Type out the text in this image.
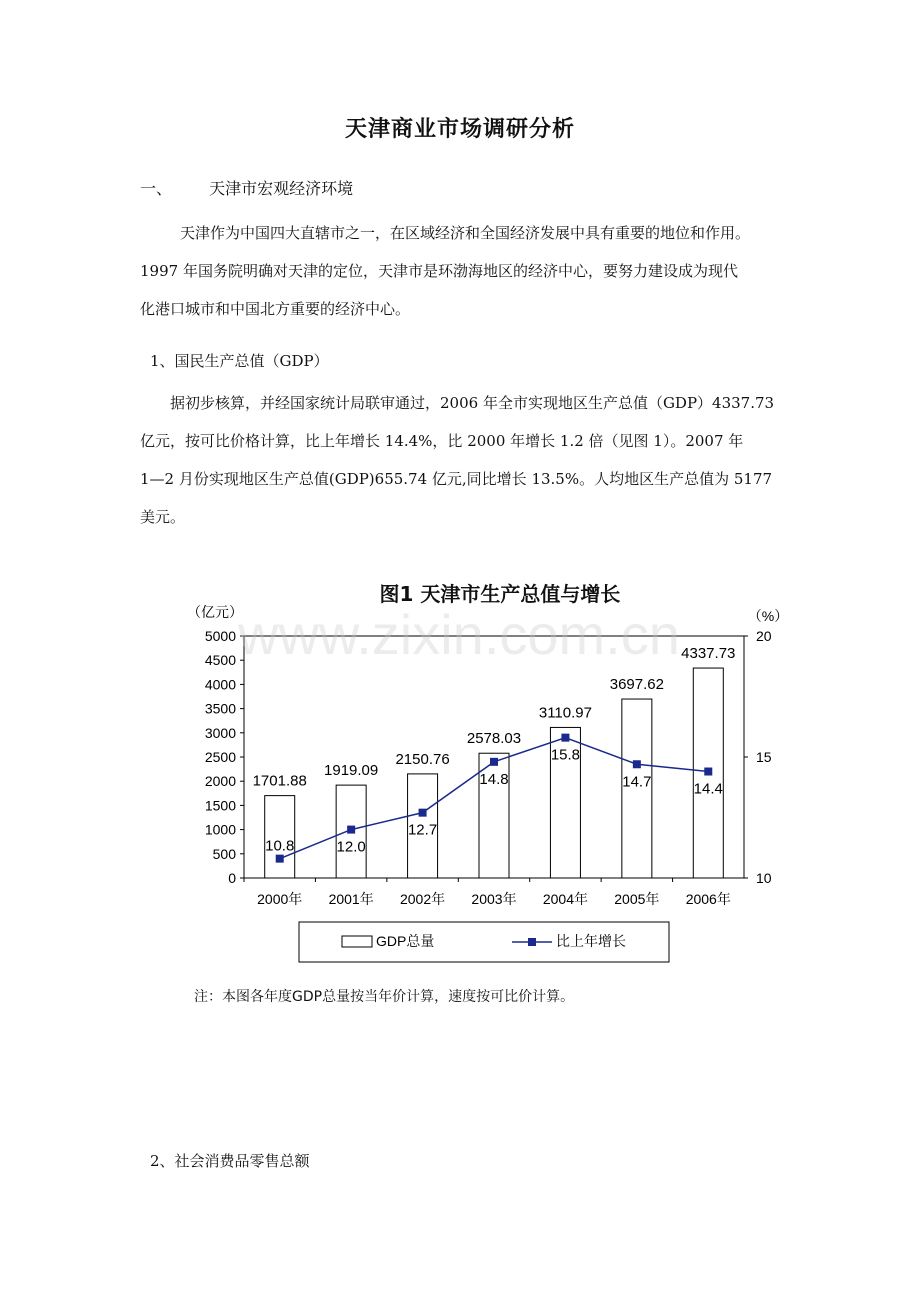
天津商业市场调研分析
一、 天津市宏观经济环境

天津作为中国四大直辖市之一，在区域经济和全国经济发展中具有重要的地位和作用。

1997 年国务院明确对天津的定位，天津市是环渤海地区的经济中心，要努力建设成为现代

化港口城市和中国北方重要的经济中心。

1、国民生产总值（GDP）

据初步核算，并经国家统计局联审通过，2006 年全市实现地区生产总值（GDP）4337.73

亿元，按可比价格计算，比上年增长 14.4%，比 2000 年增长 1.2 倍（见图 1）。2007 年

1—2 月份实现地区生产总值(GDP)655.74 亿元,同比增长 13.5%。人均地区生产总值为 5177

美元。

图1 天津市生产总值与增长
（亿元）	（%）
0
500
1000
1500
2000
2500
3000
3500
4000
4500
5000
10
15
20
2000年
1701.88
2001年
1919.09
2002年
2150.76
2003年
2578.03
2004年
3110.97
2005年
3697.62
2006年
4337.73
10.8	12.0
12.7
14.8
15.8
14.7	14.4
GDP总量	比上年增长
www.zixin.com.cn
注：本图各年度GDP总量按当年价计算，速度按可比价计算。
2、社会消费品零售总额
